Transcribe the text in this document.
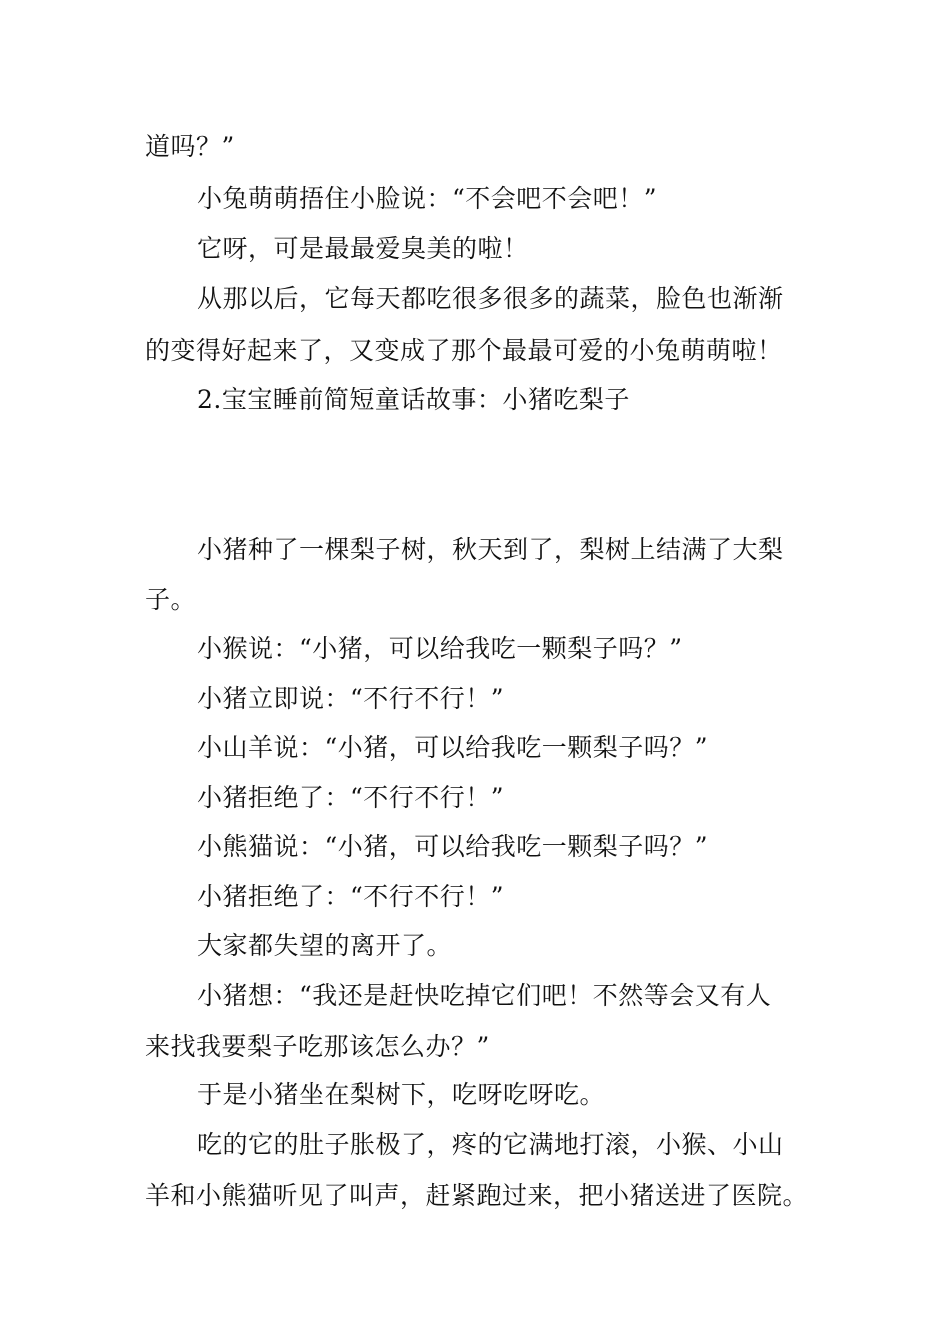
道吗？”
小兔萌萌捂住小脸说：“不会吧不会吧！”
它呀，可是最最爱臭美的啦！
从那以后，它每天都吃很多很多的蔬菜，脸色也渐渐
的变得好起来了，又变成了那个最最可爱的小兔萌萌啦！
2.宝宝睡前简短童话故事：小猪吃梨子
小猪种了一棵梨子树，秋天到了，梨树上结满了大梨
子。
小猴说：“小猪，可以给我吃一颗梨子吗？”
小猪立即说：“不行不行！”
小山羊说：“小猪，可以给我吃一颗梨子吗？”
小猪拒绝了：“不行不行！”
小熊猫说：“小猪，可以给我吃一颗梨子吗？”
小猪拒绝了：“不行不行！”
大家都失望的离开了。
小猪想：“我还是赶快吃掉它们吧！不然等会又有人
来找我要梨子吃那该怎么办？”
于是小猪坐在梨树下，吃呀吃呀吃。
吃的它的肚子胀极了，疼的它满地打滚，小猴、小山
羊和小熊猫听见了叫声，赶紧跑过来，把小猪送进了医院。
